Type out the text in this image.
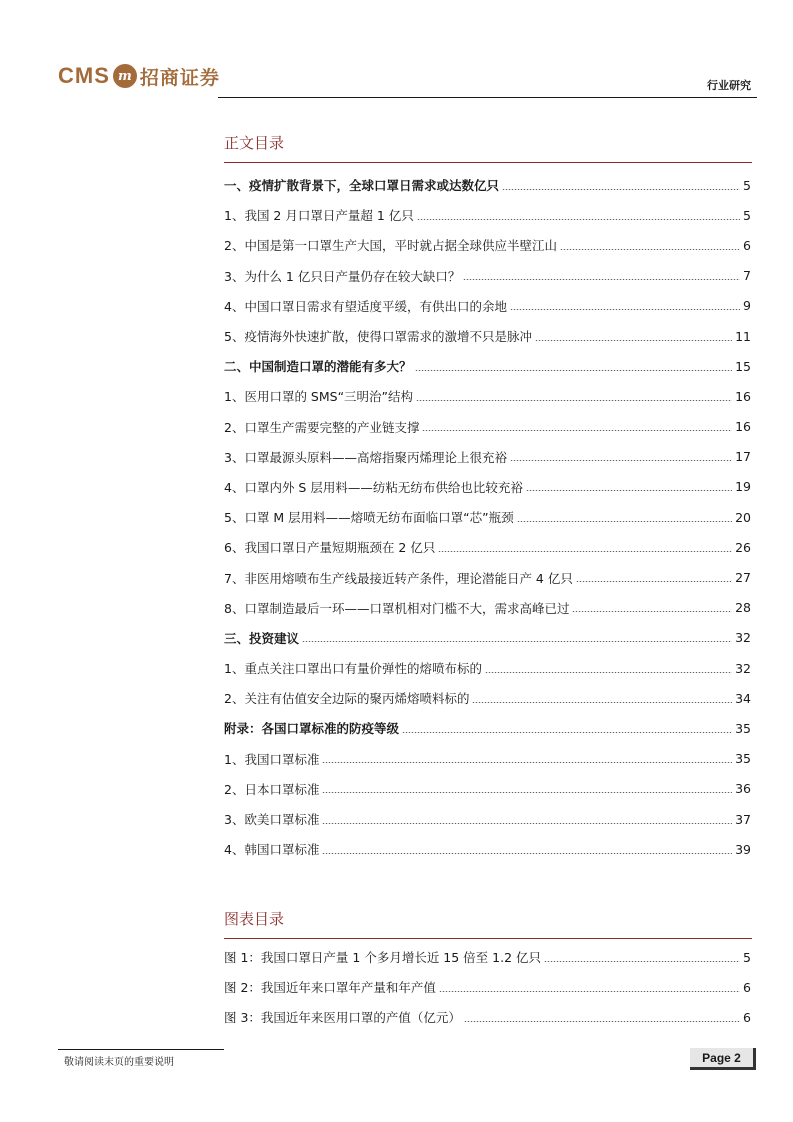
CMS m 招商证券	行业研究
正文目录
一、疫情扩散背景下，全球口罩日需求或达数亿只	5
1、我国 2 月口罩日产量超 1 亿只	5
2、中国是第一口罩生产大国，平时就占据全球供应半壁江山	6
3、为什么 1 亿只日产量仍存在较大缺口？	7
4、中国口罩日需求有望适度平缓，有供出口的余地	9
5、疫情海外快速扩散，使得口罩需求的激增不只是脉冲	11
二、中国制造口罩的潜能有多大？	15
1、医用口罩的 SMS“三明治”结构	16
2、口罩生产需要完整的产业链支撑	16
3、口罩最源头原料——高熔指聚丙烯理论上很充裕	17
4、口罩内外 S 层用料——纺粘无纺布供给也比较充裕	19
5、口罩 M 层用料——熔喷无纺布面临口罩“芯”瓶颈	20
6、我国口罩日产量短期瓶颈在 2 亿只	26
7、非医用熔喷布生产线最接近转产条件，理论潜能日产 4 亿只	27
8、口罩制造最后一环——口罩机相对门槛不大，需求高峰已过	28
三、投资建议	32
1、重点关注口罩出口有量价弹性的熔喷布标的	32
2、关注有估值安全边际的聚丙烯熔喷料标的	34
附录：各国口罩标准的防疫等级	35
1、我国口罩标准	35
2、日本口罩标准	36
3、欧美口罩标准	37
4、韩国口罩标准	39
图表目录
图 1：我国口罩日产量 1 个多月增长近 15 倍至 1.2 亿只	5
图 2：我国近年来口罩年产量和年产值	6
图 3：我国近年来医用口罩的产值（亿元）	6
敬请阅读末页的重要说明	Page 2
